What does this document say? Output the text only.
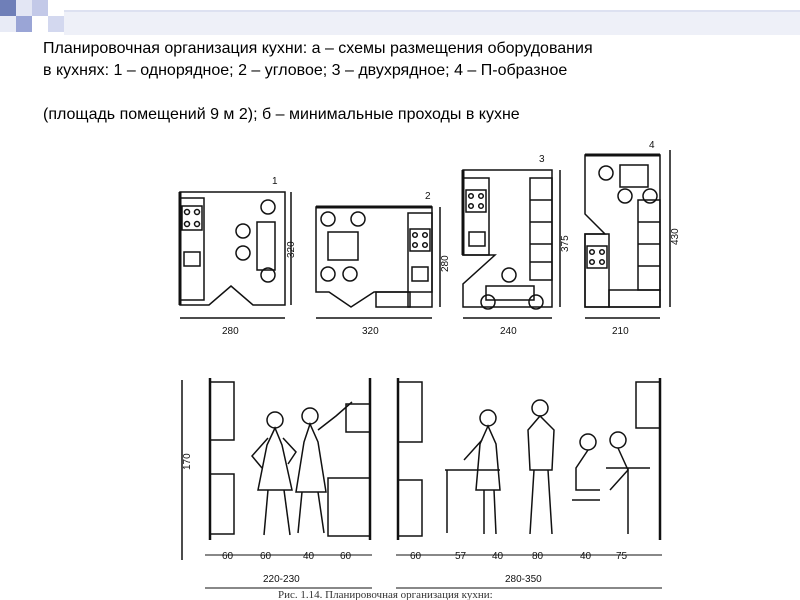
Планировочная организация кухни: а – схемы размещения оборудования

в кухнях: 1 – однорядное; 2 – угловое; 3 – двухрядное; 4 – П-образное

(площадь помещений 9 м 2); б – минимальные проходы в кухне

1
320
280
2
280
320
3
375
240
4
430
210
170
60	60	40	60
220-230
60	57	40	80	40 75
280-350
Рис. 1.14. Планировочная организация кухни:
